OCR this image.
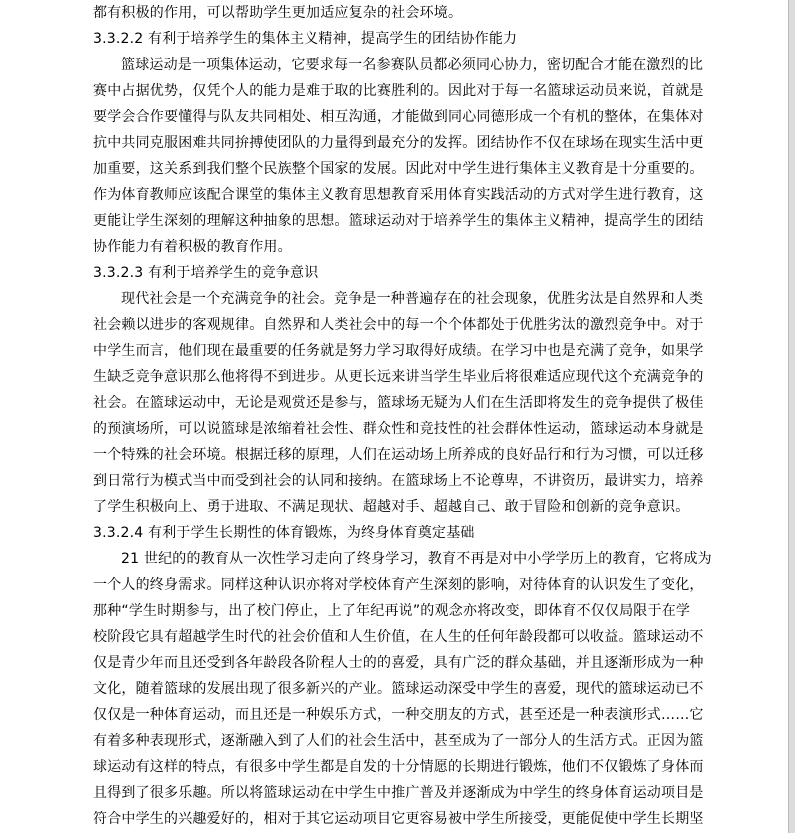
都有积极的作用，可以帮助学生更加适应复杂的社会环境。
3.3.2.2 有利于培养学生的集体主义精神，提高学生的团结协作能力
篮球运动是一项集体运动，它要求每一名参赛队员都必须同心协力，密切配合才能在激烈的比
赛中占据优势，仅凭个人的能力是难于取的比赛胜利的。因此对于每一名篮球运动员来说，首就是
要学会合作要懂得与队友共同相处、相互沟通，才能做到同心同德形成一个有机的整体，在集体对
抗中共同克服困难共同拚搏使团队的力量得到最充分的发挥。团结协作不仅在球场在现实生活中更
加重要，这关系到我们整个民族整个国家的发展。因此对中学生进行集体主义教育是十分重要的。
作为体育教师应该配合课堂的集体主义教育思想教育采用体育实践活动的方式对学生进行教育，这
更能让学生深刻的理解这种抽象的思想。篮球运动对于培养学生的集体主义精神，提高学生的团结
协作能力有着积极的教育作用。
3.3.2.3 有利于培养学生的竞争意识
现代社会是一个充满竞争的社会。竞争是一种普遍存在的社会现象，优胜劣汰是自然界和人类
社会赖以进步的客观规律。自然界和人类社会中的每一个个体都处于优胜劣汰的激烈竞争中。对于
中学生而言，他们现在最重要的任务就是努力学习取得好成绩。在学习中也是充满了竞争，如果学
生缺乏竞争意识那么他将得不到进步。从更长远来讲当学生毕业后将很难适应现代这个充满竞争的
社会。在篮球运动中，无论是观赏还是参与，篮球场无疑为人们在生活即将发生的竞争提供了极佳
的预演场所，可以说篮球是浓缩着社会性、群众性和竞技性的社会群体性运动，篮球运动本身就是
一个特殊的社会环境。根据迁移的原理，人们在运动场上所养成的良好品行和行为习惯，可以迁移
到日常行为模式当中而受到社会的认同和接纳。在篮球场上不论尊卑，不讲资历，最讲实力，培养
了学生积极向上、勇于进取、不满足现状、超越对手、超越自己、敢于冒险和创新的竞争意识。
3.3.2.4 有利于学生长期性的体育锻炼，为终身体育奠定基础
21 世纪的的教育从一次性学习走向了终身学习，教育不再是对中小学学历上的教育，它将成为
一个人的终身需求。同样这种认识亦将对学校体育产生深刻的影响，对待体育的认识发生了变化，
那种“学生时期参与，出了校门停止，上了年纪再说”的观念亦将改变，即体育不仅仅局限于在学
校阶段它具有超越学生时代的社会价值和人生价值，在人生的任何年龄段都可以收益。篮球运动不
仅是青少年而且还受到各年龄段各阶程人士的的喜爱，具有广泛的群众基础，并且逐渐形成为一种
文化，随着篮球的发展出现了很多新兴的产业。篮球运动深受中学生的喜爱，现代的篮球运动已不
仅仅是一种体育运动，而且还是一种娱乐方式，一种交朋友的方式，甚至还是一种表演形式……它
有着多种表现形式，逐渐融入到了人们的社会生活中，甚至成为了一部分人的生活方式。正因为篮
球运动有这样的特点，有很多中学生都是自发的十分情愿的长期进行锻炼，他们不仅锻炼了身体而
且得到了很多乐趣。所以将篮球运动在中学生中推广普及并逐渐成为中学生的终身体育运动项目是
符合中学生的兴趣爱好的，相对于其它运动项目它更容易被中学生所接受，更能促使中学生长期坚
